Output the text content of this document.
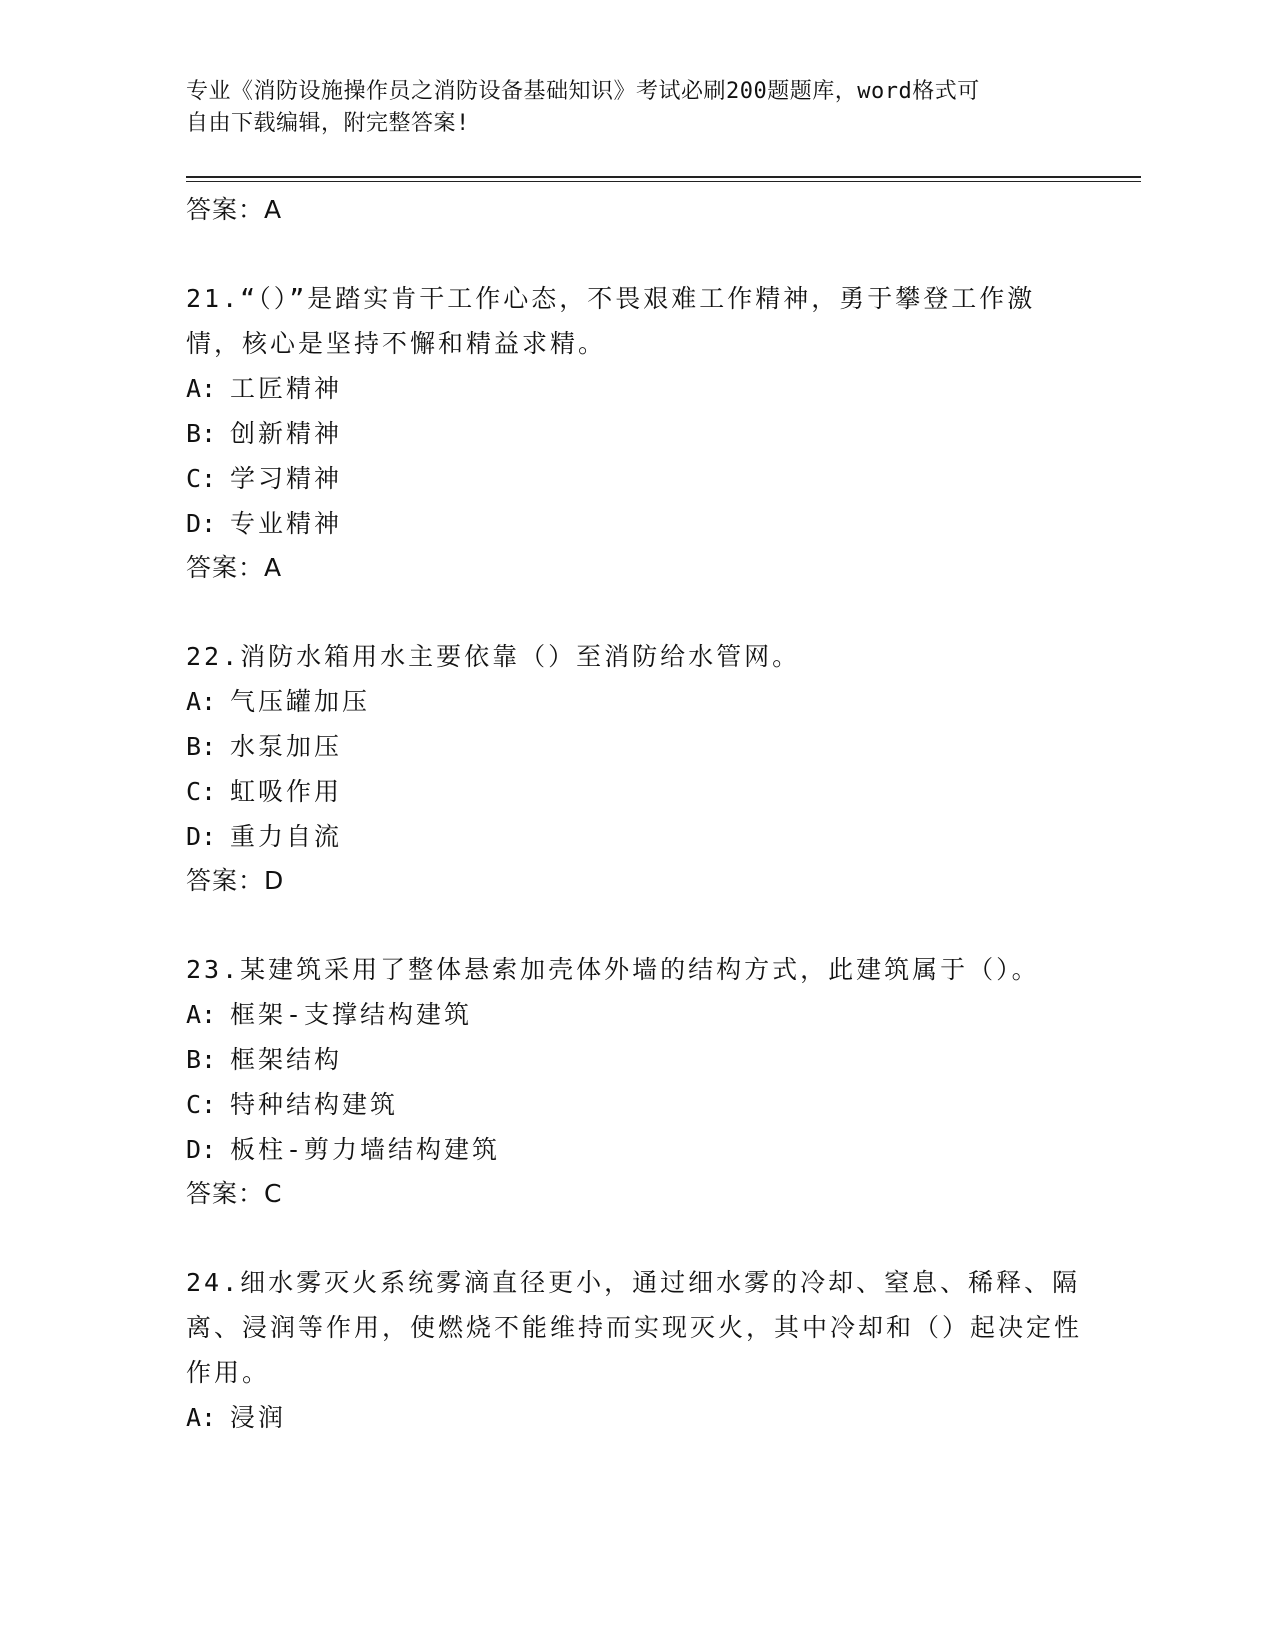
专业《消防设施操作员之消防设备基础知识》考试必刷200题题库，word格式可
自由下载编辑，附完整答案!
答案：A

21.“（）”是踏实肯干工作心态，不畏艰难工作精神，勇于攀登工作激情，核心是坚持不懈和精益求精。

A: 工匠精神
B: 创新精神
C: 学习精神
D: 专业精神
答案：A

22.消防水箱用水主要依靠（）至消防给水管网。

A: 气压罐加压
B: 水泵加压
C: 虹吸作用
D: 重力自流
答案：D

23.某建筑采用了整体悬索加壳体外墙的结构方式，此建筑属于（）。

A: 框架-支撑结构建筑
B: 框架结构
C: 特种结构建筑
D: 板柱-剪力墙结构建筑
答案：C

24.细水雾灭火系统雾滴直径更小，通过细水雾的冷却、窒息、稀释、隔离、浸润等作用，使燃烧不能维持而实现灭火，其中冷却和（）起决定性作用。

A: 浸润
